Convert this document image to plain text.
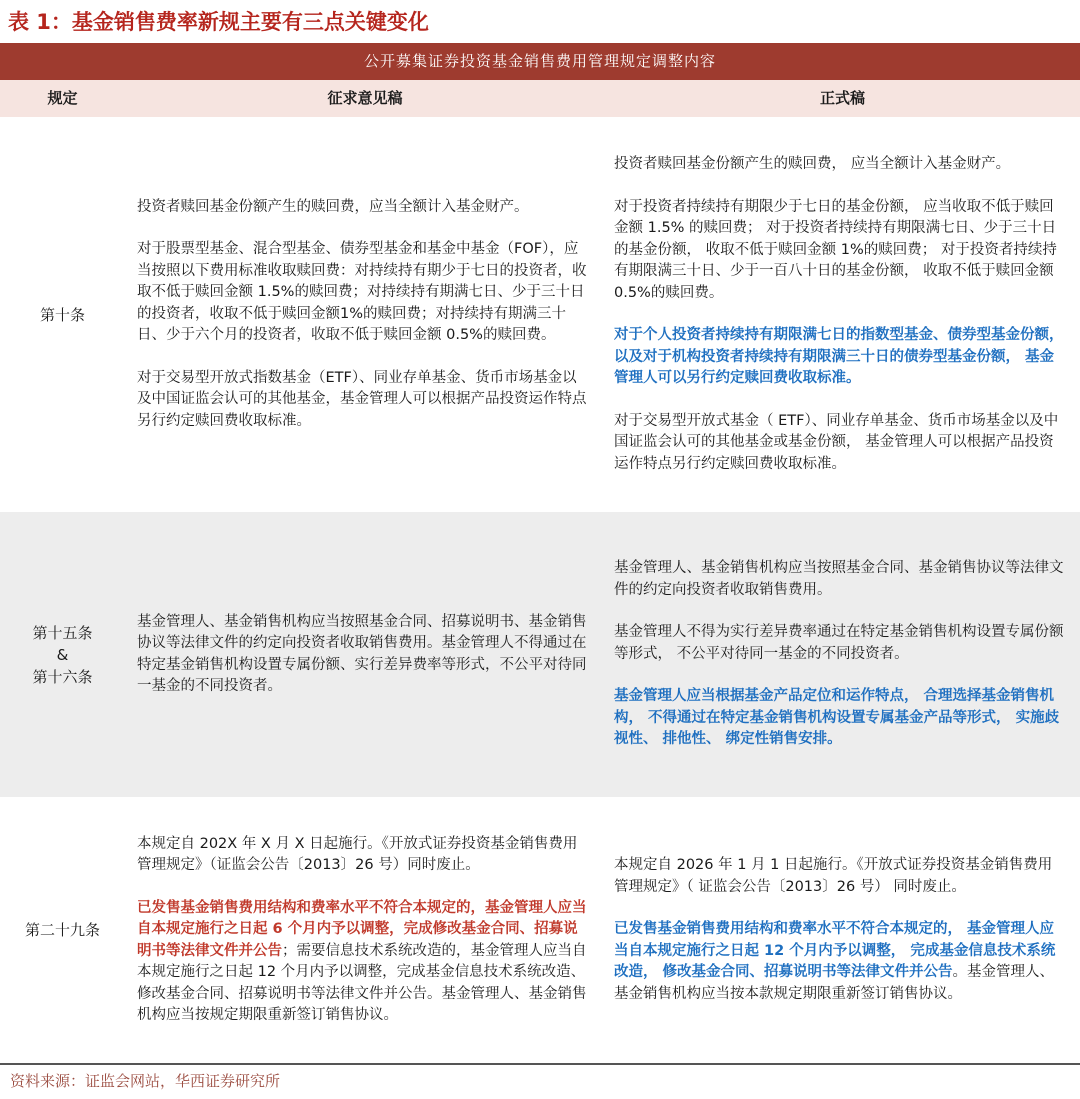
表 1：基金销售费率新规主要有三点关键变化
公开募集证券投资基金销售费用管理规定调整内容
规定	征求意见稿	正式稿
第十条

投资者赎回基金份额产生的赎回费，应当全额计入基金财产。

对于股票型基金、混合型基金、债券型基金和基金中基金（FOF），应当按照以下费用标准收取赎回费：对持续持有期少于七日的投资者，收取不低于赎回金额 1.5%的赎回费；对持续持有期满七日、少于三十日的投资者，收取不低于赎回金额1%的赎回费；对持续持有期满三十日、少于六个月的投资者，收取不低于赎回金额 0.5%的赎回费。

对于交易型开放式指数基金（ETF）、同业存单基金、货币市场基金以及中国证监会认可的其他基金，基金管理人可以根据产品投资运作特点另行约定赎回费收取标准。

投资者赎回基金份额产生的赎回费， 应当全额计入基金财产。

对于投资者持续持有期限少于七日的基金份额， 应当收取不低于赎回金额 1.5% 的赎回费； 对于投资者持续持有期限满七日、少于三十日的基金份额， 收取不低于赎回金额 1%的赎回费； 对于投资者持续持有期限满三十日、少于一百八十日的基金份额， 收取不低于赎回金额 0.5%的赎回费。

对于个人投资者持续持有期限满七日的指数型基金、债券型基金份额， 以及对于机构投资者持续持有期限满三十日的债券型基金份额， 基金管理人可以另行约定赎回费收取标准。

对于交易型开放式基金（ ETF）、同业存单基金、货币市场基金以及中国证监会认可的其他基金或基金份额， 基金管理人可以根据产品投资运作特点另行约定赎回费收取标准。

第十五条
&
第十六条

基金管理人、基金销售机构应当按照基金合同、招募说明书、基金销售协议等法律文件的约定向投资者收取销售费用。基金管理人不得通过在特定基金销售机构设置专属份额、实行差异费率等形式，不公平对待同一基金的不同投资者。

基金管理人、基金销售机构应当按照基金合同、基金销售协议等法律文件的约定向投资者收取销售费用。

基金管理人不得为实行差异费率通过在特定基金销售机构设置专属份额等形式， 不公平对待同一基金的不同投资者。

基金管理人应当根据基金产品定位和运作特点， 合理选择基金销售机构， 不得通过在特定基金销售机构设置专属基金产品等形式， 实施歧视性、 排他性、 绑定性销售安排。

第二十九条

本规定自 202X 年 X 月 X 日起施行。《开放式证券投资基金销售费用管理规定》（证监会公告〔2013〕26 号）同时废止。

已发售基金销售费用结构和费率水平不符合本规定的，基金管理人应当自本规定施行之日起 6 个月内予以调整，完成修改基金合同、招募说明书等法律文件并公告；需要信息技术系统改造的，基金管理人应当自本规定施行之日起 12 个月内予以调整，完成基金信息技术系统改造、修改基金合同、招募说明书等法律文件并公告。基金管理人、基金销售机构应当按规定期限重新签订销售协议。

本规定自 2026 年 1 月 1 日起施行。《开放式证券投资基金销售费用管理规定》（ 证监会公告〔2013〕26 号） 同时废止。

已发售基金销售费用结构和费率水平不符合本规定的， 基金管理人应当自本规定施行之日起 12 个月内予以调整， 完成基金信息技术系统改造， 修改基金合同、招募说明书等法律文件并公告。基金管理人、基金销售机构应当按本款规定期限重新签订销售协议。

资料来源：证监会网站，华西证券研究所
